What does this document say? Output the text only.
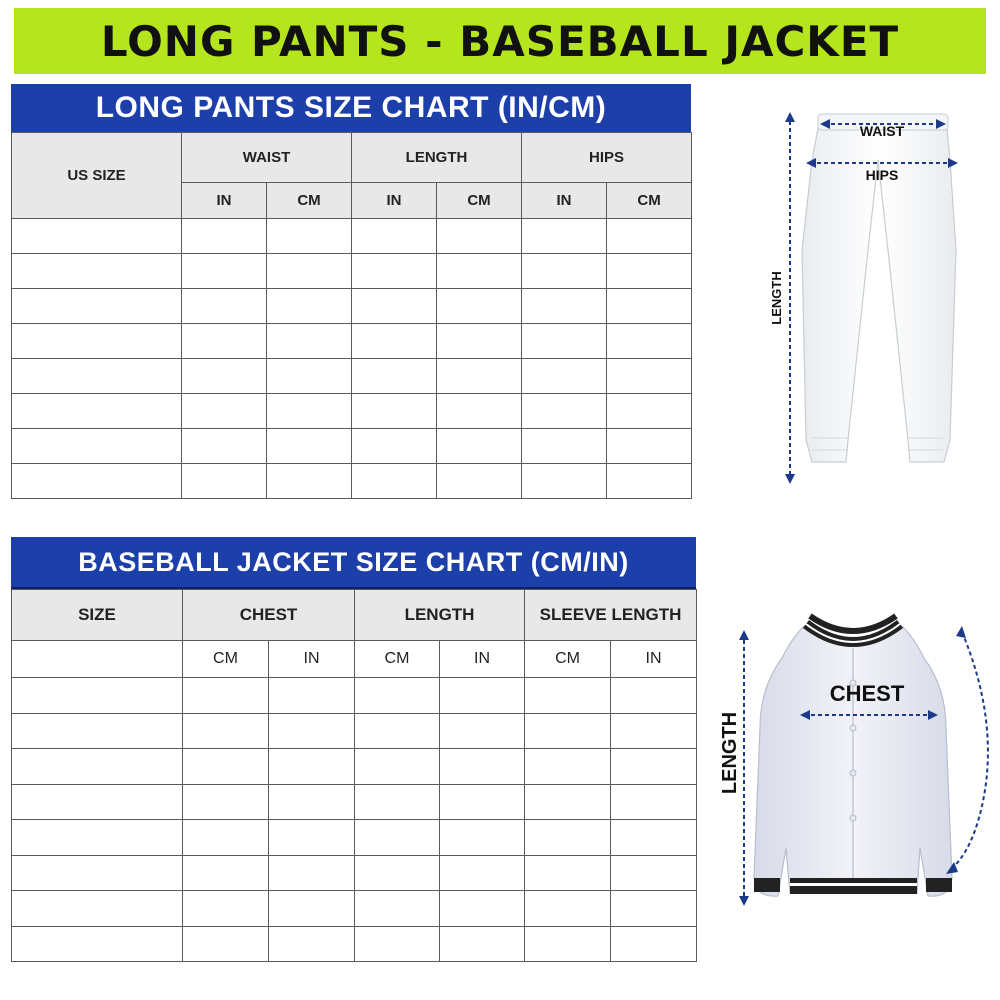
LONG PANTS - BASEBALL JACKET
LONG PANTS SIZE CHART (IN/CM)
US SIZE	WAIST		LENGTH		HIPS	
	IN	CM	IN	CM	IN	CM

WAIST
HIPS
LENGTH
BASEBALL JACKET SIZE CHART (CM/IN)
SIZE	CHEST		LENGTH		SLEEVE LENGTH	
	CM	IN	CM	IN	CM	IN

CHEST
LENGTH
